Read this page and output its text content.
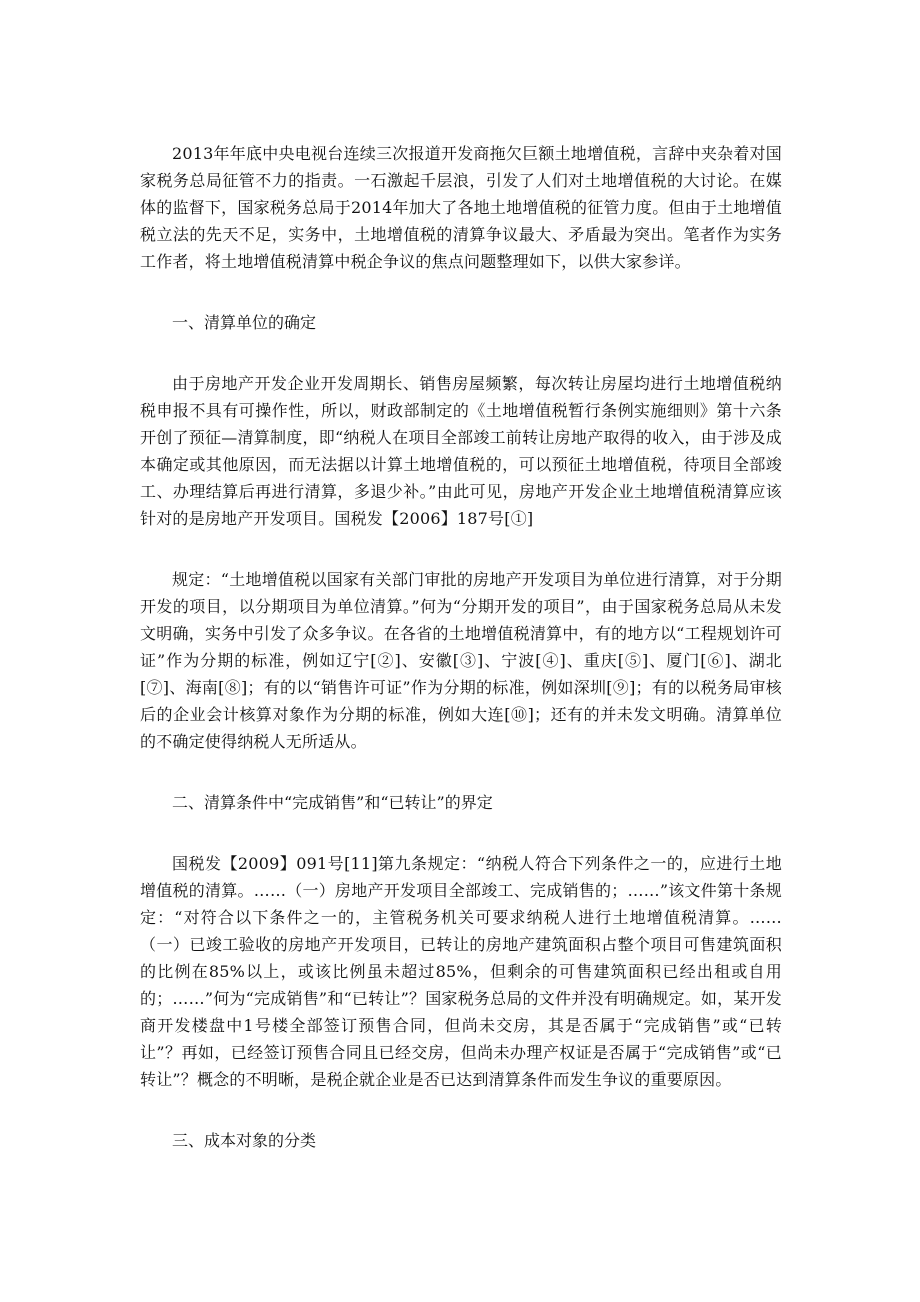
2013年年底中央电视台连续三次报道开发商拖欠巨额土地增值税，言辞中夹杂着对国家税务总局征管不力的指责。一石激起千层浪，引发了人们对土地增值税的大讨论。在媒体的监督下，国家税务总局于2014年加大了各地土地增值税的征管力度。但由于土地增值税立法的先天不足，实务中，土地增值税的清算争议最大、矛盾最为突出。笔者作为实务工作者，将土地增值税清算中税企争议的焦点问题整理如下，以供大家参详。

一、清算单位的确定

由于房地产开发企业开发周期长、销售房屋频繁，每次转让房屋均进行土地增值税纳税申报不具有可操作性，所以，财政部制定的《土地增值税暂行条例实施细则》第十六条开创了预征—清算制度，即“纳税人在项目全部竣工前转让房地产取得的收入，由于涉及成本确定或其他原因，而无法据以计算土地增值税的，可以预征土地增值税，待项目全部竣工、办理结算后再进行清算，多退少补。”由此可见，房地产开发企业土地增值税清算应该针对的是房地产开发项目。国税发【2006】187号[①]

规定：“土地增值税以国家有关部门审批的房地产开发项目为单位进行清算，对于分期开发的项目，以分期项目为单位清算。”何为“分期开发的项目”，由于国家税务总局从未发文明确，实务中引发了众多争议。在各省的土地增值税清算中，有的地方以“工程规划许可证”作为分期的标准，例如辽宁[②]、安徽[③]、宁波[④]、重庆[⑤]、厦门[⑥]、湖北[⑦]、海南[⑧]；有的以“销售许可证”作为分期的标准，例如深圳[⑨]；有的以税务局审核后的企业会计核算对象作为分期的标准，例如大连[⑩]；还有的并未发文明确。清算单位的不确定使得纳税人无所适从。

二、清算条件中“完成销售”和“已转让”的界定

国税发【2009】091号[11]第九条规定：“纳税人符合下列条件之一的，应进行土地增值税的清算。……（一）房地产开发项目全部竣工、完成销售的；……”该文件第十条规定：“对符合以下条件之一的，主管税务机关可要求纳税人进行土地增值税清算。……（一）已竣工验收的房地产开发项目，已转让的房地产建筑面积占整个项目可售建筑面积的比例在85%以上，或该比例虽未超过85%，但剩余的可售建筑面积已经出租或自用的；……”何为“完成销售”和“已转让”？国家税务总局的文件并没有明确规定。如，某开发商开发楼盘中1号楼全部签订预售合同，但尚未交房，其是否属于“完成销售”或“已转让”？再如，已经签订预售合同且已经交房，但尚未办理产权证是否属于“完成销售”或“已转让”？概念的不明晰，是税企就企业是否已达到清算条件而发生争议的重要原因。

三、成本对象的分类
